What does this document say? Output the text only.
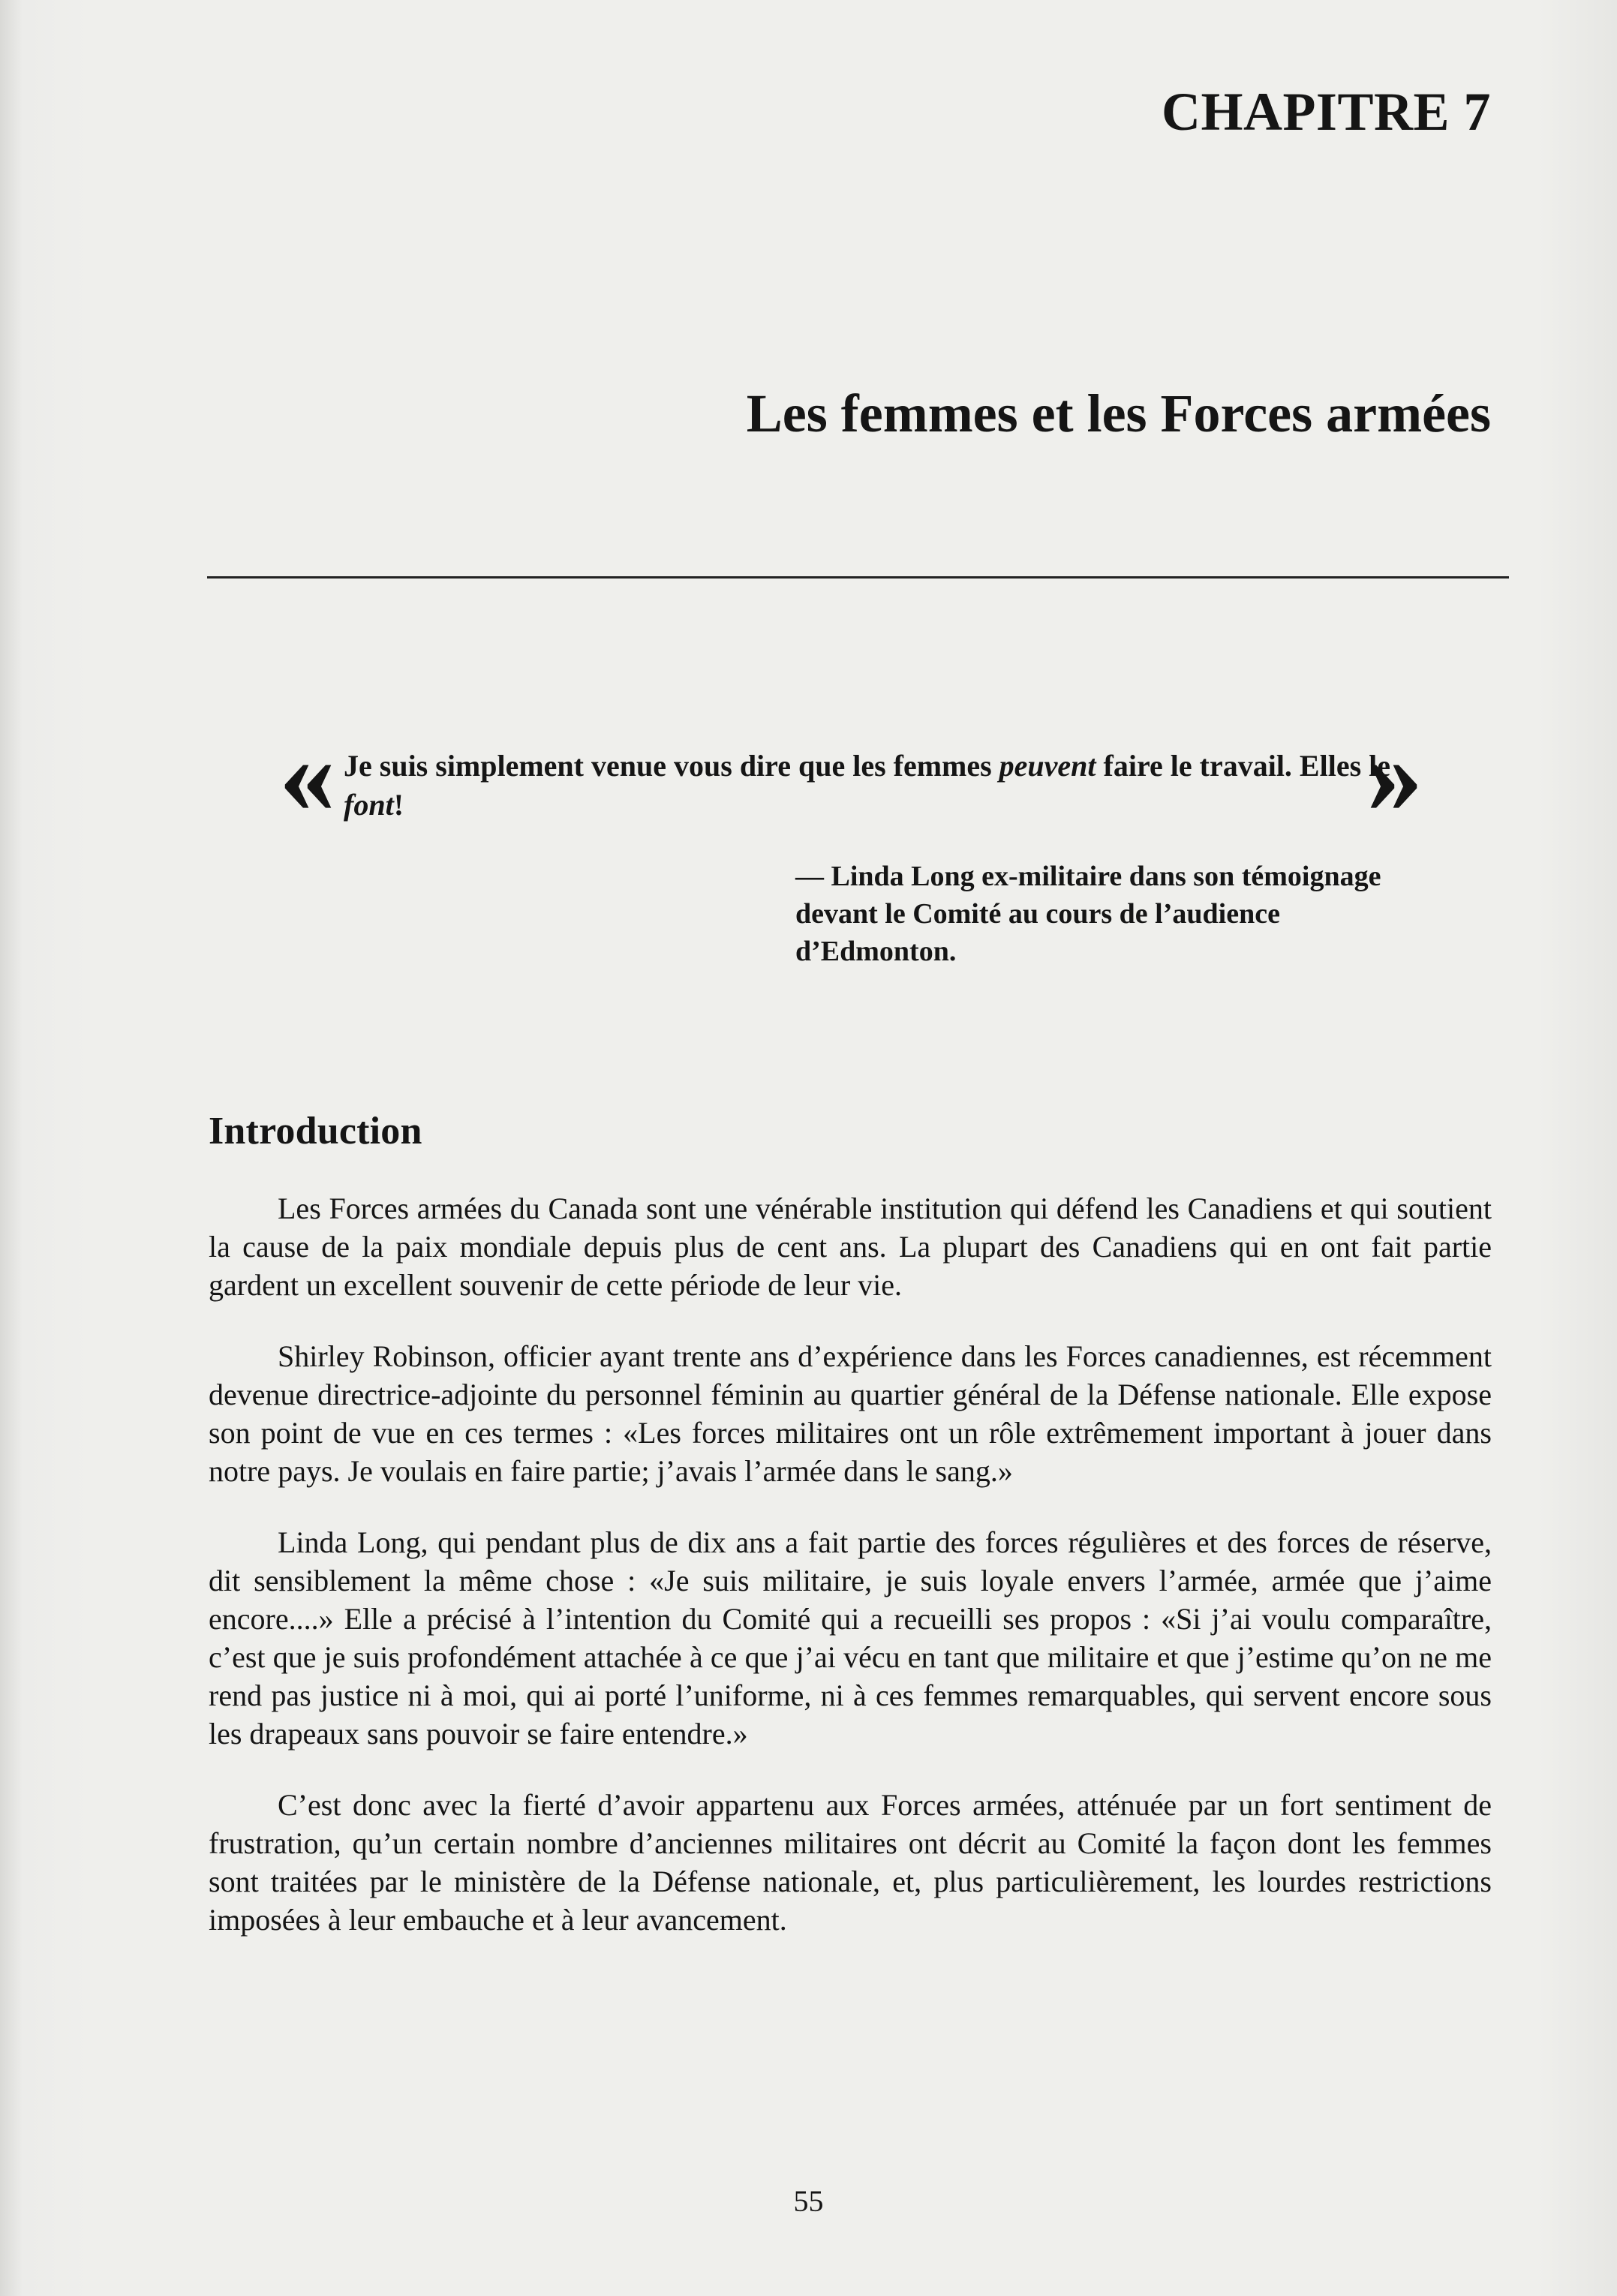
CHAPITRE 7
Les femmes et les Forces armées
« Je suis simplement venue vous dire que les femmes peuvent faire le travail. Elles le font!	»
— Linda Long ex-militaire dans son témoignage devant le Comité au cours de l’audience d’Edmonton.
Introduction

Les Forces armées du Canada sont une vénérable institution qui défend les Canadiens et qui soutient la cause de la paix mondiale depuis plus de cent ans. La plupart des Canadiens qui en ont fait partie gardent un excellent souvenir de cette période de leur vie.

Shirley Robinson, officier ayant trente ans d’expérience dans les Forces canadiennes, est récemment devenue directrice-adjointe du personnel féminin au quartier général de la Défense nationale. Elle expose son point de vue en ces termes : «Les forces militaires ont un rôle extrêmement important à jouer dans notre pays. Je voulais en faire partie; j’avais l’armée dans le sang.»

Linda Long, qui pendant plus de dix ans a fait partie des forces régulières et des forces de réserve, dit sensiblement la même chose : «Je suis militaire, je suis loyale envers l’armée, armée que j’aime encore....» Elle a précisé à l’intention du Comité qui a recueilli ses propos : «Si j’ai voulu comparaître, c’est que je suis profondément attachée à ce que j’ai vécu en tant que militaire et que j’estime qu’on ne me rend pas justice ni à moi, qui ai porté l’uniforme, ni à ces femmes remarquables, qui servent encore sous les drapeaux sans pouvoir se faire entendre.»

C’est donc avec la fierté d’avoir appartenu aux Forces armées, atténuée par un fort sentiment de frustration, qu’un certain nombre d’anciennes militaires ont décrit au Comité la façon dont les femmes sont traitées par le ministère de la Défense nationale, et, plus particulièrement, les lourdes restrictions imposées à leur embauche et à leur avancement.

55
